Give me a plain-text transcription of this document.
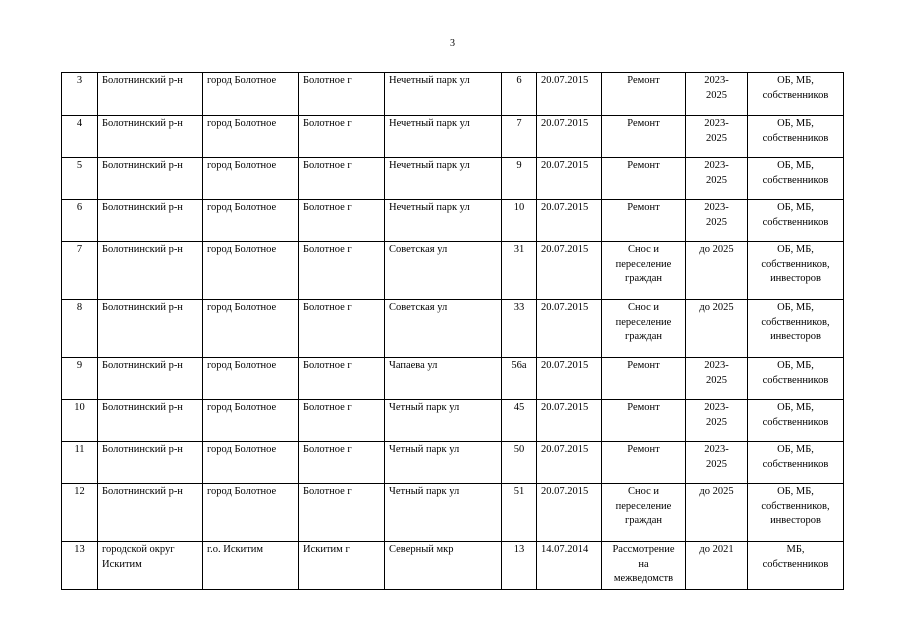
3
3	Болотнинский р-н	город Болотное	Болотное г	Нечетный парк ул	6	20.07.2015	Ремонт	2023-
2025	ОБ, МБ,
собственников

4	Болотнинский р-н	город Болотное	Болотное г	Нечетный парк ул	7	20.07.2015	Ремонт	2023-
2025	ОБ, МБ,
собственников

5	Болотнинский р-н	город Болотное	Болотное г	Нечетный парк ул	9	20.07.2015	Ремонт	2023-
2025	ОБ, МБ,
собственников

6	Болотнинский р-н	город Болотное	Болотное г	Нечетный парк ул	10	20.07.2015	Ремонт	2023-
2025	ОБ, МБ,
собственников

7	Болотнинский р-н	город Болотное	Болотное г	Советская ул	31	20.07.2015	Снос и
переселение
граждан	до 2025	ОБ, МБ,
собственников,
инвесторов

8	Болотнинский р-н	город Болотное	Болотное г	Советская ул	33	20.07.2015	Снос и
переселение
граждан	до 2025	ОБ, МБ,
собственников,
инвесторов

9	Болотнинский р-н	город Болотное	Болотное г	Чапаева ул	56а	20.07.2015	Ремонт	2023-
2025	ОБ, МБ,
собственников

10	Болотнинский р-н	город Болотное	Болотное г	Четный парк ул	45	20.07.2015	Ремонт	2023-
2025	ОБ, МБ,
собственников

11	Болотнинский р-н	город Болотное	Болотное г	Четный парк ул	50	20.07.2015	Ремонт	2023-
2025	ОБ, МБ,
собственников

12	Болотнинский р-н	город Болотное	Болотное г	Четный парк ул	51	20.07.2015	Снос и
переселение
граждан	до 2025	ОБ, МБ,
собственников,
инвесторов

13	городской округ Искитим	г.о. Искитим	Искитим г	Северный мкр	13	14.07.2014	Рассмотрение
на
межведомств	до 2021	МБ,
собственников
